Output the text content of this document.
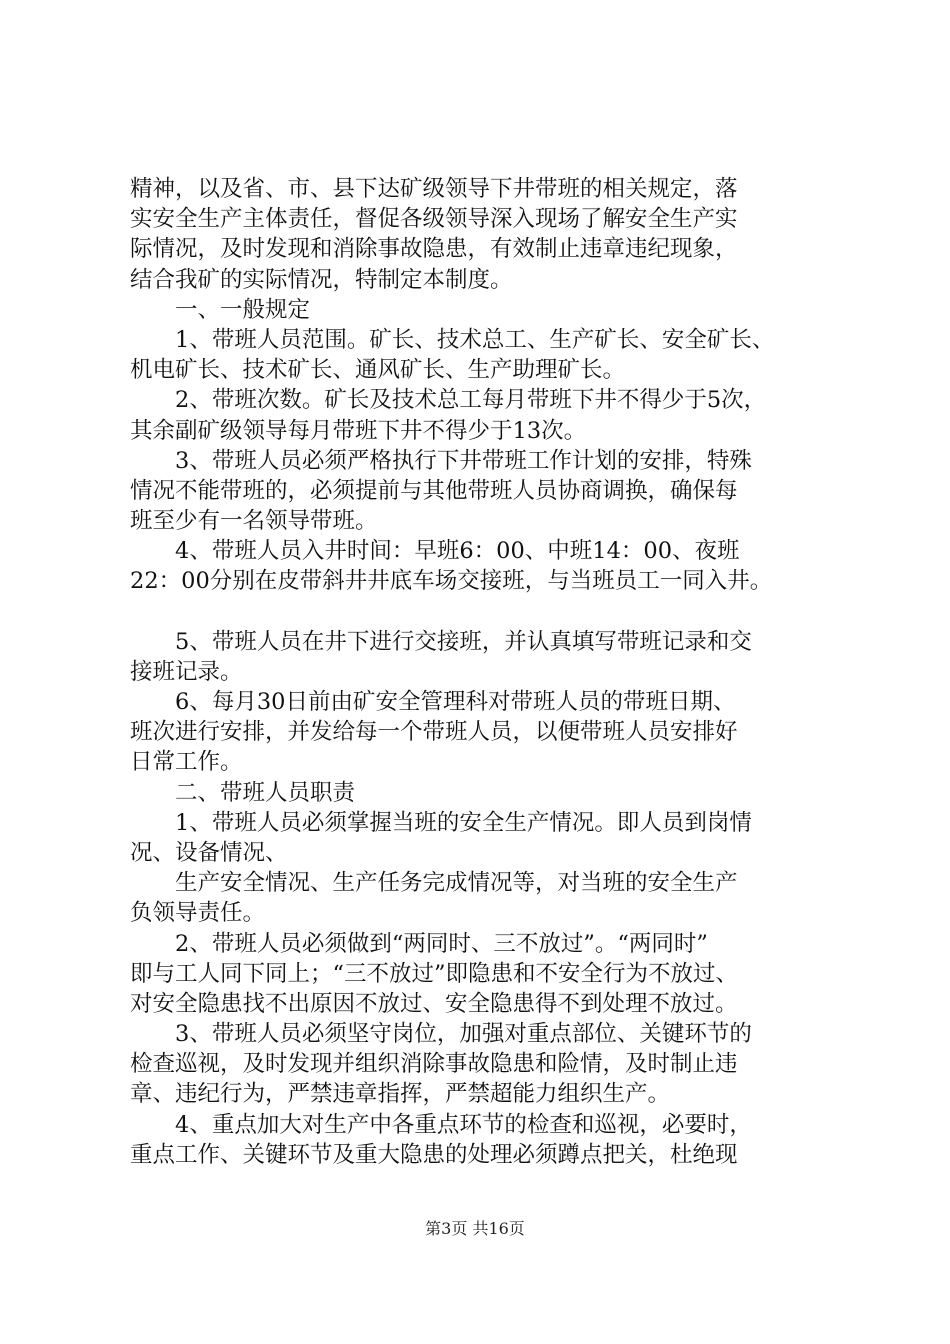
精神，以及省、市、县下达矿级领导下井带班的相关规定，落
实安全生产主体责任，督促各级领导深入现场了解安全生产实
际情况，及时发现和消除事故隐患，有效制止违章违纪现象，
结合我矿的实际情况，特制定本制度。
　　一、一般规定
　　1、带班人员范围。矿长、技术总工、生产矿长、安全矿长、
机电矿长、技术矿长、通风矿长、生产助理矿长。
　　2、带班次数。矿长及技术总工每月带班下井不得少于5次，
其余副矿级领导每月带班下井不得少于13次。
　　3、带班人员必须严格执行下井带班工作计划的安排，特殊
情况不能带班的，必须提前与其他带班人员协商调换，确保每
班至少有一名领导带班。
　　4、带班人员入井时间：早班6：00、中班14：00、夜班
22：00分别在皮带斜井井底车场交接班，与当班员工一同入井。
　　5、带班人员在井下进行交接班，并认真填写带班记录和交
接班记录。
　　6、每月30日前由矿安全管理科对带班人员的带班日期、
班次进行安排，并发给每一个带班人员，以便带班人员安排好
日常工作。
　　二、带班人员职责
　　1、带班人员必须掌握当班的安全生产情况。即人员到岗情
况、设备情况、
　　生产安全情况、生产任务完成情况等，对当班的安全生产
负领导责任。
　　2、带班人员必须做到“两同时、三不放过”。“两同时”
即与工人同下同上；“三不放过”即隐患和不安全行为不放过、
对安全隐患找不出原因不放过、安全隐患得不到处理不放过。
　　3、带班人员必须坚守岗位，加强对重点部位、关键环节的
检查巡视，及时发现并组织消除事故隐患和险情，及时制止违
章、违纪行为，严禁违章指挥，严禁超能力组织生产。
　　4、重点加大对生产中各重点环节的检查和巡视，必要时，
重点工作、关键环节及重大隐患的处理必须蹲点把关，杜绝现
第3页 共16页
